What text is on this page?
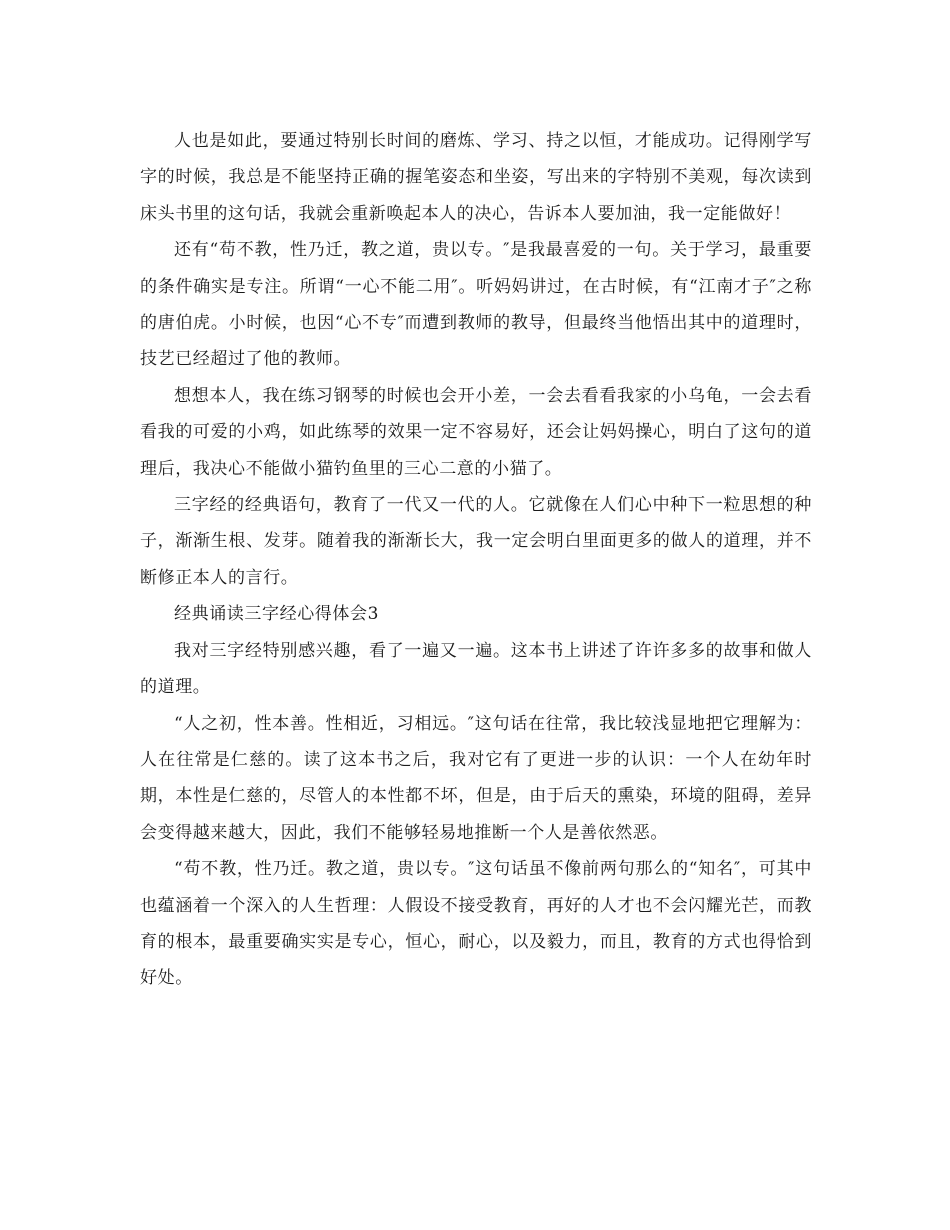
人也是如此，要通过特别长时间的磨炼、学习、持之以恒，才能成功。记得刚学写字的时候，我总是不能坚持正确的握笔姿态和坐姿，写出来的字特别不美观，每次读到床头书里的这句话，我就会重新唤起本人的决心，告诉本人要加油，我一定能做好！

还有“苟不教，性乃迁，教之道，贵以专。″是我最喜爱的一句。关于学习，最重要的条件确实是专注。所谓“一心不能二用″。听妈妈讲过，在古时候，有“江南才子″之称的唐伯虎。小时候，也因“心不专″而遭到教师的教导，但最终当他悟出其中的道理时，技艺已经超过了他的教师。

想想本人，我在练习钢琴的时候也会开小差，一会去看看我家的小乌龟，一会去看看我的可爱的小鸡，如此练琴的效果一定不容易好，还会让妈妈操心，明白了这句的道理后，我决心不能做小猫钓鱼里的三心二意的小猫了。

三字经的经典语句，教育了一代又一代的人。它就像在人们心中种下一粒思想的种子，渐渐生根、发芽。随着我的渐渐长大，我一定会明白里面更多的做人的道理，并不断修正本人的言行。

经典诵读三字经心得体会3

我对三字经特别感兴趣，看了一遍又一遍。这本书上讲述了许许多多的故事和做人的道理。

“人之初，性本善。性相近，习相远。″这句话在往常，我比较浅显地把它理解为：人在往常是仁慈的。读了这本书之后，我对它有了更进一步的认识：一个人在幼年时期，本性是仁慈的，尽管人的本性都不坏，但是，由于后天的熏染，环境的阻碍，差异会变得越来越大，因此，我们不能够轻易地推断一个人是善依然恶。

“苟不教，性乃迁。教之道，贵以专。″这句话虽不像前两句那么的“知名″，可其中也蕴涵着一个深入的人生哲理：人假设不接受教育，再好的人才也不会闪耀光芒，而教育的根本，最重要确实实是专心，恒心，耐心，以及毅力，而且，教育的方式也得恰到好处。
